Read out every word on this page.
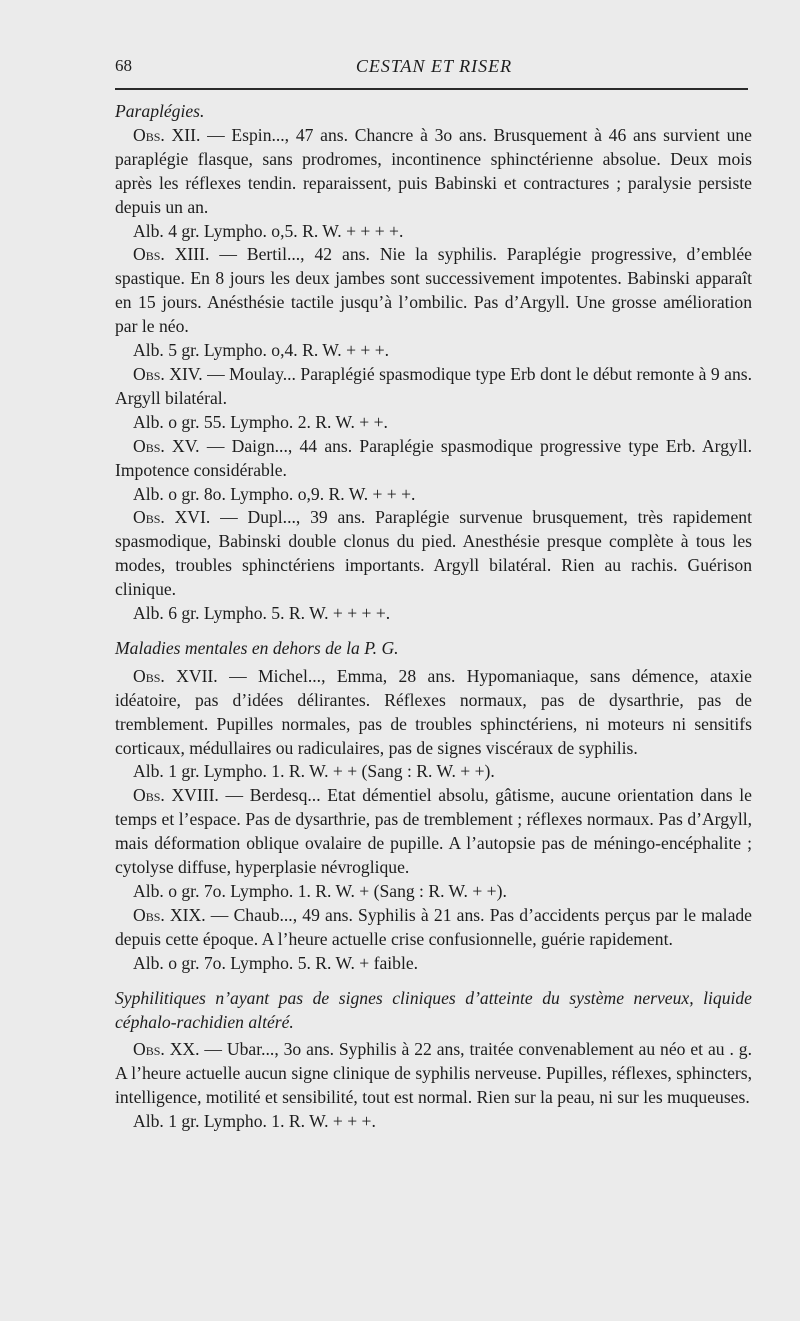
68	CESTAN ET RISER
Paraplégies.

Obs. XII. — Espin..., 47 ans. Chancre à 3o ans. Brusquement à 46 ans survient une paraplégie flasque, sans prodromes, incontinence sphinctérienne absolue. Deux mois après les réflexes tendin. reparaissent, puis Babinski et contractures ; paralysie persiste depuis un an.

Alb. 4 gr. Lympho. o,5. R. W. + + + +.

Obs. XIII. — Bertil..., 42 ans. Nie la syphilis. Paraplégie progressive, d’emblée spastique. En 8 jours les deux jambes sont successivement impotentes. Babinski apparaît en 15 jours. Anésthésie tactile jusqu’à l’ombilic. Pas d’Argyll. Une grosse amélioration par le néo.

Alb. 5 gr. Lympho. o,4. R. W. + + +.

Obs. XIV. — Moulay... Paraplégié spasmodique type Erb dont le début remonte à 9 ans. Argyll bilatéral.

Alb. o gr. 55. Lympho. 2. R. W. + +.

Obs. XV. — Daign..., 44 ans. Paraplégie spasmodique progressive type Erb. Argyll. Impotence considérable.

Alb. o gr. 8o. Lympho. o,9. R. W. + + +.

Obs. XVI. — Dupl..., 39 ans. Paraplégie survenue brusquement, très rapidement spasmodique, Babinski double clonus du pied. Anesthésie presque complète à tous les modes, troubles sphinctériens importants. Argyll bilatéral. Rien au rachis. Guérison clinique.

Alb. 6 gr. Lympho. 5. R. W. + + + +.

Maladies mentales en dehors de la P. G.

Obs. XVII. — Michel..., Emma, 28 ans. Hypomaniaque, sans démence, ataxie idéatoire, pas d’idées délirantes. Réflexes normaux, pas de dysarthrie, pas de tremblement. Pupilles normales, pas de troubles sphinctériens, ni moteurs ni sensitifs corticaux, médullaires ou radiculaires, pas de signes viscéraux de syphilis.

Alb. 1 gr. Lympho. 1. R. W. + + (Sang : R. W. + +).

Obs. XVIII. — Berdesq... Etat démentiel absolu, gâtisme, aucune orientation dans le temps et l’espace. Pas de dysarthrie, pas de tremblement ; réflexes normaux. Pas d’Argyll, mais déformation oblique ovalaire de pupille. A l’autopsie pas de méningo-encéphalite ; cytolyse diffuse, hyperplasie névroglique.

Alb. o gr. 7o. Lympho. 1. R. W. + (Sang : R. W. + +).

Obs. XIX. — Chaub..., 49 ans. Syphilis à 21 ans. Pas d’accidents perçus par le malade depuis cette époque. A l’heure actuelle crise confusionnelle, guérie rapidement.

Alb. o gr. 7o. Lympho. 5. R. W. + faible.

Syphilitiques n’ayant pas de signes cliniques d’atteinte du système nerveux, liquide céphalo-rachidien altéré.

Obs. XX. — Ubar..., 3o ans. Syphilis à 22 ans, traitée convenablement au néo et au . g. A l’heure actuelle aucun signe clinique de syphilis nerveuse. Pupilles, réflexes, sphincters, intelligence, motilité et sensibilité, tout est normal. Rien sur la peau, ni sur les muqueuses.

Alb. 1 gr. Lympho. 1. R. W. + + +.
